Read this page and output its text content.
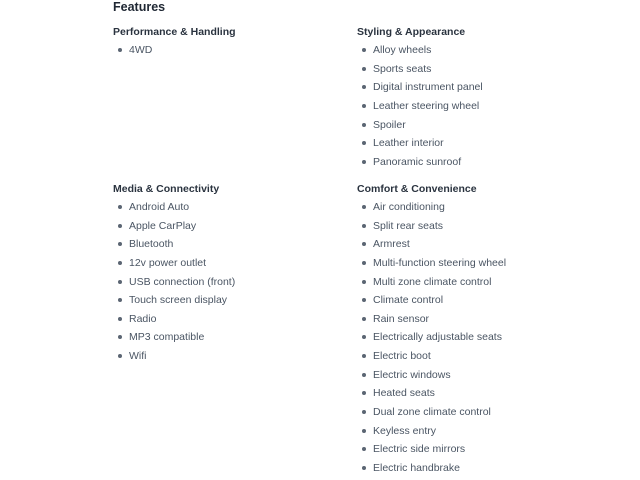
Features
Performance & Handling
4WD
Styling & Appearance
Alloy wheels
Sports seats
Digital instrument panel
Leather steering wheel
Spoiler
Leather interior
Panoramic sunroof
Media & Connectivity
Android Auto
Apple CarPlay
Bluetooth
12v power outlet
USB connection (front)
Touch screen display
Radio
MP3 compatible
Wifi
Comfort & Convenience
Air conditioning
Split rear seats
Armrest
Multi-function steering wheel
Multi zone climate control
Climate control
Rain sensor
Electrically adjustable seats
Electric boot
Electric windows
Heated seats
Dual zone climate control
Keyless entry
Electric side mirrors
Electric handbrake
